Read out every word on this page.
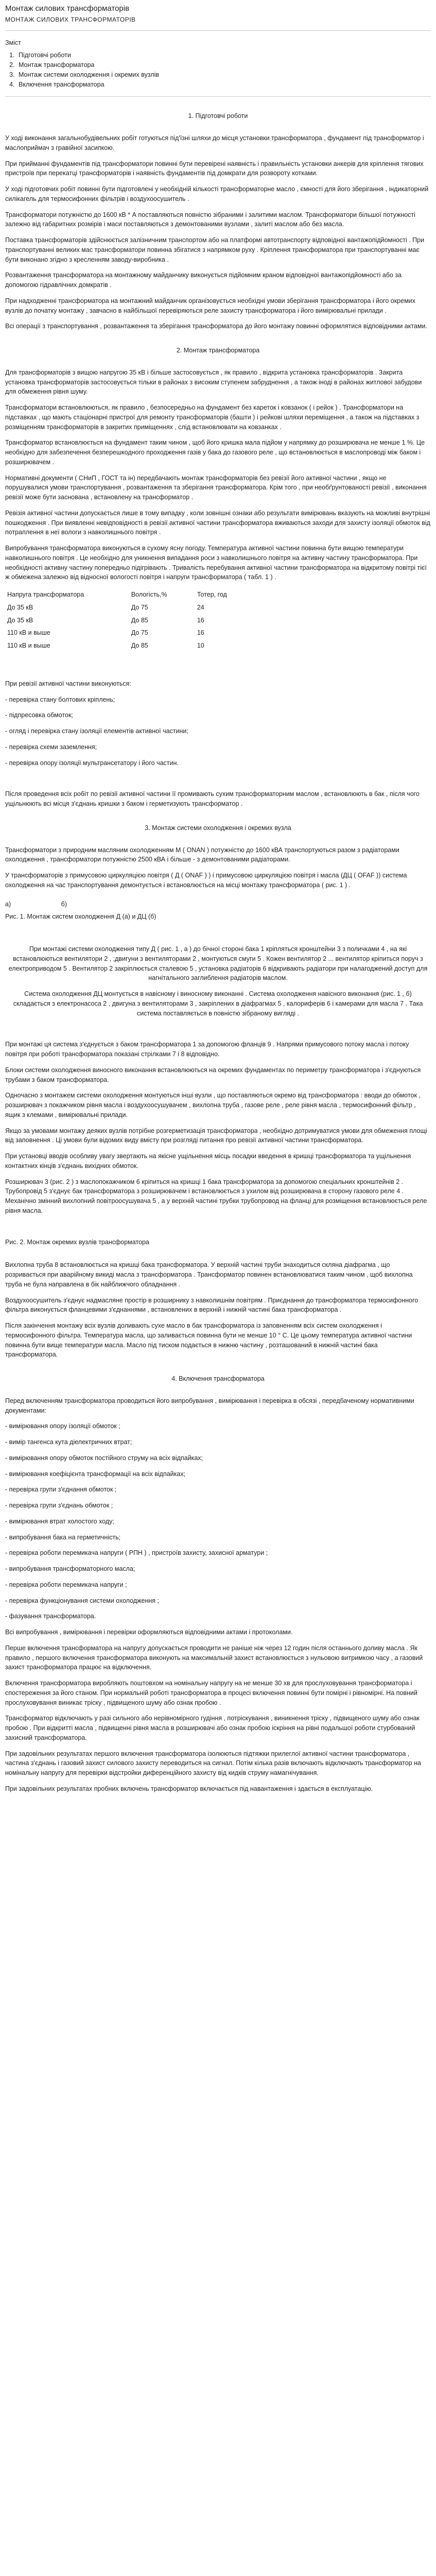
Монтаж силових трансформаторів
МОНТАЖ СИЛОВИХ ТРАНСФОРМАТОРІВ
Зміст
1. Підготовчі роботи
2. Монтаж трансформатора
3. Монтаж системи охолодження і окремих вузлів
4. Включення трансформатора
1. Підготовчі роботи

У ході виконання загальнобудівельних робіт готуються під'їзні шляхи до місця установки трансформатора , фундамент під трансформатор і маслоприймач з гравійної засипкою.

При прийманні фундаментів під трансформатори повинні бути перевірені наявність і правильність установки анкерів для кріплення тягових пристроїв при перекатці трансформаторів і наявність фундаментів під домкрати для розвороту котками.

У ході підготовчих робіт повинні бути підготовлені у необхідній кількості трансформаторне масло , ємності для його зберігання , індикаторний силікагель для термосифонних фільтрів і воздухоосушитель .

Трансформатори потужністю до 1600 кВ * А поставляються повністю зібраними і залитими маслом. Трансформатори більшої потужності залежно від габаритних розмірів і маси поставляються з демонтованими вузлами , залиті маслом або без масла.

Поставка трансформаторів здійснюється залізничним транспортом або на платформі автотранспорту відповідної вантажопідйомності . При транспортуванні великих мас трансформатори повинна збігатися з напрямком руху . Кріплення трансформатора при транспортуванні має бути виконано згідно з кресленням заводу-виробника .

Розвантаження трансформатора на монтажному майданчику виконується підйомним краном відповідної вантажопідйомності або за допомогою гідравлічних домкратів .

При надходженні трансформатора на монтажний майданчик організовується необхідні умови зберігання трансформатора і його окремих вузлів до початку монтажу , завчасно в найбільшої перевіряються реле захисту трансформатора і його вимірювальні прилади .

Всі операції з транспортування , розвантаження та зберігання трансформатора до його монтажу повинні оформлятися відповідними актами.

2. Монтаж трансформатора

Для трансформаторів з вищою напругою 35 кВ і більше застосовується , як правило , відкрита установка трансформаторів . Закрита установка трансформаторів застосовується тільки в районах з високим ступенем забруднення , а також іноді в районах житлової забудови для обмеження рівня шуму.

Трансформатори встановлюються, як правило , безпосередньо на фундамент без кареток і ковзанок ( і рейок ) . Трансформатори на підставках , що мають стаціонарні пристрої для ремонту трансформаторів (башти ) і рейкові шляхи переміщення , а також на підставках з розміщенням трансформаторів в закритих приміщеннях , слід встановлювати на ковзанках .

Трансформатор встановлюється на фундамент таким чином , щоб його кришка мала підйом у напрямку до розширювача не менше 1 %. Це необхідно для забезпечення безперешкодного проходження газів у бака до газового реле , що встановлюється в маслопроводі між баком і розширювачем .

Нормативні документи ( СНиП , ГОСТ та ін) передбачають монтаж трансформаторів без ревізії його активної частини , якщо не порушувалися умови транспортування , розвантаження та зберігання трансформатора. Крім того , при необґрунтованості ревізії , виконання ревізії може бути заснована , встановлену на трансформатор .

Ревізія активної частини допускається лише в тому випадку , коли зовнішні ознаки або результати вимірювань вказують на можливі внутрішні пошкодження . При виявленні невідповідності в ревізії активної частини трансформатора вживаються заходи для захисту ізоляції обмоток від потраплення в неї вологи з навколишнього повітря .

Випробування трансформатора виконуються в сухому ясну погоду. Температура активної частини повинна бути вищою температури навколишнього повітря . Це необхідно для уникнення випадання роси з навколишнього повітря на активну частину трансформатора. При необхідності активну частину попередньо підігрівають . Тривалість перебування активної частини трансформатора на відкритому повітрі тієї ж обмежена залежно від відносної вологості повітря і напруги трансформатора ( табл. 1 ) .

Напруга трансформатора	Вологість,%	Тотер, год
До 35 кВ	До 75	24
До 35 кВ	До 85	16
110 кВ и выше	До 75	16
110 кВ и выше	До 85	10

При ревізії активної частини виконуються:

- перевірка стану болтових кріплень;
- підпресовка обмоток;
- огляд і перевірка стану ізоляції елементів активної частини;
- перевірка схеми заземлення;
- перевірка опору ізоляції мультрансетатору і його частин.

Після проведення всіх робіт по ревізії активної частини її промивають сухим трансформаторним маслом , встановлюють в бак , після чого ущільнюють всі місця з'єднань кришки з баком і герметизують трансформатор .

3. Монтаж системи охолодження і окремих вузла

Трансформатори з природним масляним охолодженням М ( ONAN ) потужністю до 1600 кВА транспортуються разом з радіаторами охолодження , трансформатори потужністю 2500 кВА і більше - з демонтованими радіаторами.

У трансформаторів з примусовою циркуляцією повітря ( Д ( ONAF ) ) і примусовою циркуляцією повітря і масла (ДЦ ( OFAF )) система охолодження на час транспортування демонтується і встановлюється на місці монтажу трансформатора ( рис. 1 ) .

а)	б)
Рис. 1. Монтаж систем охолодження Д (а) и ДЦ (б)

При монтажі системи охолодження типу Д ( рис. 1 , а ) до бічної стороні бака 1 кріпляться кронштейни 3 з поличками 4 , на які встановлюються вентилятори 2 , ;двигуни з вентиляторами 2 , монтуються смуги 5 . Кожен вентилятор 2 ... вентилятор кріпиться поруч з електроприводом 5 . Вентилятор 2 закріплюється сталевою 5 , установка радіаторів 6 відкривають радіатори при налагоджений доступ для нагнітального заглиблення радіаторів маслом.

Система охолодження ДЦ монтується в навісному і виносному виконанні . Система охолодження навісного виконання (рис. 1 , б) складається з електронасоса 2 , двигуна з вентиляторами 3 , закріплених в діафрагмах 5 , калориферів 6 і камерами для масла 7 . Така система поставляється в повністю зібраному вигляді .

При монтажі ця система з'єднується з баком трансформатора 1 за допомогою фланців 9 . Напрями примусового потоку масла і потоку повітря при роботі трансформатора показані стрілками 7 і 8 відповідно.

Блоки системи охолодження виносного виконання встановлюються на окремих фундаментах по периметру трансформатора і з'єднуються трубами з баком трансформатора.

Одночасно з монтажем системи охолодження монтуються інші вузли , що поставляються окремо від трансформатора : вводи до обмоток , розширювач з покажчиком рівня масла і воздухоосушувачем , вихлопна труба , газове реле , реле рівня масла , термосифонний фільтр , ящик з клемами , вимірювальні прилади.

Якщо за умовами монтажу деяких вузлів потрібне розгерметизація трансформатора , необхідно дотримуватися умови для обмеження площі від заповнення . Ці умови були відомих виду вмісту при розгляді питання про ревізії активної частини трансформатора.

При установці вводів особливу увагу звертають на якісне ущільнення місць посадки введення в кришці трансформатора та ущільнення контактних кінців з'єднань вихідних обмоток.

Розширювач 3 (рис. 2 ) з маслопокажчиком 6 кріпиться на кришці 1 бака трансформатора за допомогою спеціальних кронштейнів 2 . Трубопровід 5 з'єднує бак трансформатора з розширювачем і встановлюється з ухилом від розширювача в сторону газового реле 4 . Механічно змінний вихлопний повітроосушувача 5 , а у верхній частині трубки трубопровод на фланці для розміщення встановлюється реле рівня масла.

Рис. 2. Монтаж окремих вузлів трансформатора

Вихлопна труба 8 встановлюється на кришці бака трансформатора. У верхній частині труби знаходиться скляна діафрагма , що розривається при аварійному викиді масла з трансформатора . Трансформатор повинен встановлюватися таким чином , щоб вихлопна труба не була направлена в бік найближчого обладнання .

Воздухоосушитель з'єднує надмасляне простір в розширнику з навколишнім повітрям . Приєднання до трансформатора термосифонного фільтра виконується фланцевими з'єднаннями , встановлених в верхній і нижній частині бака трансформатора .

Після закінчення монтажу всіх вузлів доливають сухе масло в бак трансформатора із заповненням всіх систем охолодження і термосифонного фільтра. Температура масла, що заливається повинна бути не менше 10 ° С. Це цьому температура активної частини повинна бути вище температури масла. Масло під тиском подається в нижню частину , розташований в нижній частині бака трансформатора.

4. Включення трансформатора

Перед включенням трансформатора проводиться його випробування , вимірювання і перевірка в обсязі , передбаченому нормативними документами:

- вимірювання опору ізоляції обмоток ;
- вимір тангенса кута діелектричних втрат;
- вимірювання опору обмоток постійного струму на всіх відпайках;
- вимірювання коефіцієнта трансформації на всіх відпайках;
- перевірка групи з'єднання обмоток ;
- перевірка групи з'єднань обмоток ;
- вимірювання втрат холостого ходу;
- випробування бака на герметичність;
- перевірка роботи перемикача напруги ( РПН ) , пристроїв захисту, захисної арматури ;
- випробування трансформаторного масла;
- перевірка роботи перемикача напруги ;
- перевірка функціонування системи охолодження ;
- фазування трансформатора.

Всі випробування , вимірювання і перевірки оформляються відповідними актами і протоколами.

Перше включення трансформатора на напругу допускається проводити не раніше ніж через 12 годин після останнього доливу масла . Як правило , першого включення трансформатора виконують на максимальній захист встановлюється з нульовою витримкою часу , а газовий захист трансформатора працює на відключення.

Включення трансформатора виробляють поштовхом на номінальну напругу на не менше 30 хв для прослуховування трансформатора і спостереження за його станом. При нормальній роботі трансформатора в процесі включення повинні бути помірні і рівномірні. На повний прослуховування виникає тріску , підвищеного шуму або ознак пробою .

Трансформатор відключають у разі сильного або нерівномірного гудіння , потріскування , виникнення тріску , підвищеного шуму або ознак пробою . При відкритті масла , підвищенні рівня масла в розширювачі або ознак пробою іскріння на рівні подальшої роботи стурбований захисний трансформатора.

При задовільних результатах першого включення трансформатора ізолюються підтяжки прилеглої активної частини трансформатора , частина з'єднань і газовий захист силового захисту переводиться на сигнал. Потім кілька разів включають відключають трансформатор на номінальну напругу для перевірки відстройки диференційного захисту від кидків струму намагнічування.

При задовільних результатах пробних включень трансформатор включається під навантаження і здається в експлуатацію.
